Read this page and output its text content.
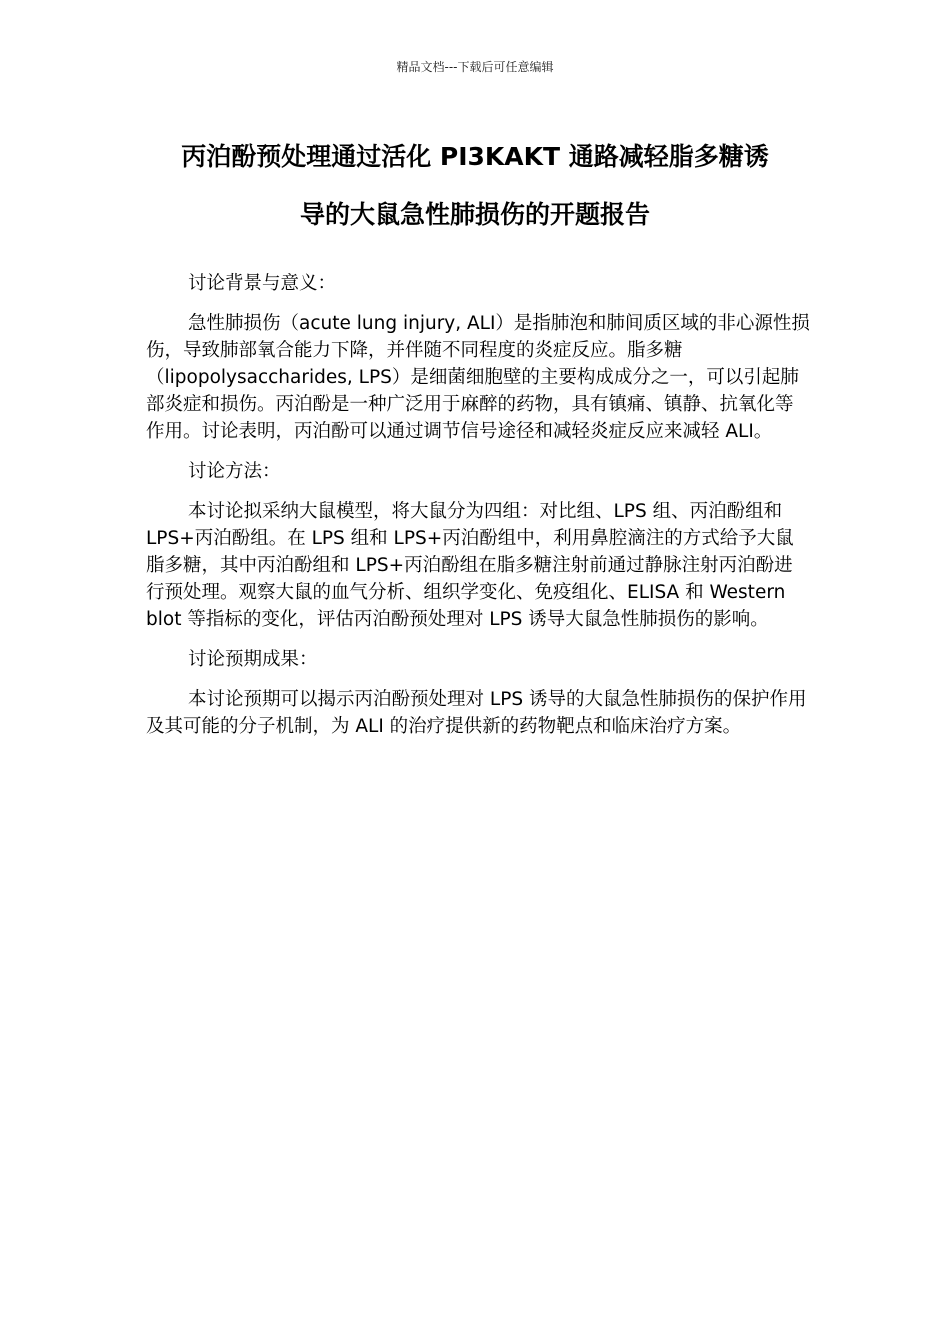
精品文档---下载后可任意编辑
丙泊酚预处理通过活化 PI3KAKT 通路减轻脂多糖诱
导的大鼠急性肺损伤的开题报告
讨论背景与意义：

急性肺损伤（acute lung injury, ALI）是指肺泡和肺间质区域的非心源性损伤，导致肺部氧合能力下降，并伴随不同程度的炎症反应。脂多糖（lipopolysaccharides, LPS）是细菌细胞壁的主要构成成分之一，可以引起肺部炎症和损伤。丙泊酚是一种广泛用于麻醉的药物，具有镇痛、镇静、抗氧化等作用。讨论表明，丙泊酚可以通过调节信号途径和减轻炎症反应来减轻 ALI。

讨论方法：

本讨论拟采纳大鼠模型，将大鼠分为四组：对比组、LPS 组、丙泊酚组和 LPS+丙泊酚组。在 LPS 组和 LPS+丙泊酚组中，利用鼻腔滴注的方式给予大鼠脂多糖，其中丙泊酚组和 LPS+丙泊酚组在脂多糖注射前通过静脉注射丙泊酚进行预处理。观察大鼠的血气分析、组织学变化、免疫组化、ELISA 和 Western blot 等指标的变化，评估丙泊酚预处理对 LPS 诱导大鼠急性肺损伤的影响。

讨论预期成果：

本讨论预期可以揭示丙泊酚预处理对 LPS 诱导的大鼠急性肺损伤的保护作用及其可能的分子机制，为 ALI 的治疗提供新的药物靶点和临床治疗方案。
